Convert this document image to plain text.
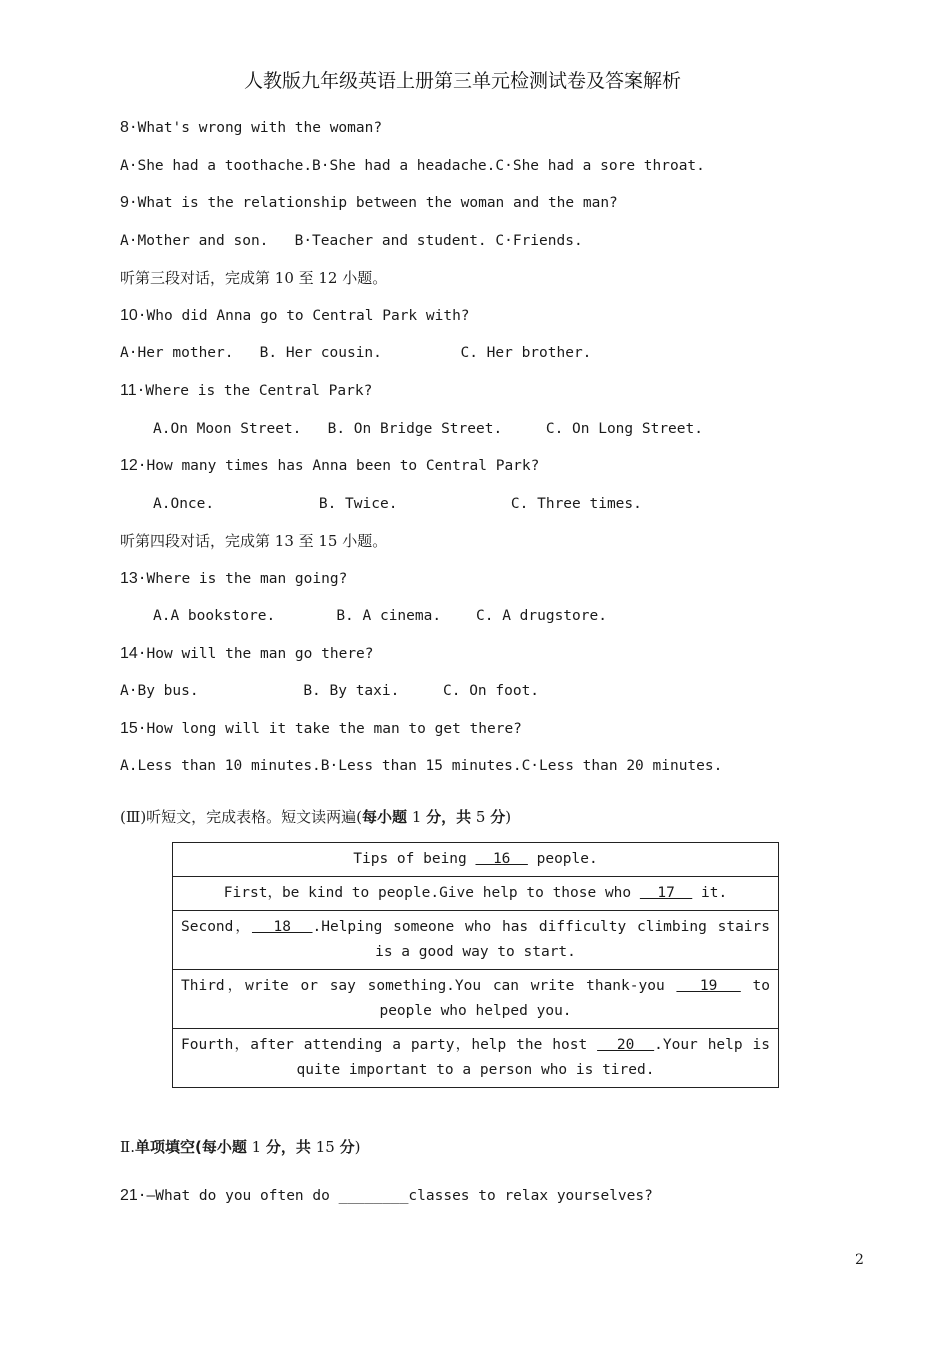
人教版九年级英语上册第三单元检测试卷及答案解析
8·What's wrong with the woman?
A·She had a toothache.B·She had a headache.C·She had a sore throat.
9·What is the relationship between the woman and the man?
A·Mother and son.   B·Teacher and student. C·Friends.
听第三段对话，完成第 10 至 12 小题。
10·Who did Anna go to Central Park with?
A·Her mother.   B. Her cousin.         C. Her brother.
11·Where is the Central Park?
A.On Moon Street.   B. On Bridge Street.     C. On Long Street.
12·How many times has Anna been to Central Park?
A.Once.            B. Twice.             C. Three times.
听第四段对话，完成第 13 至 15 小题。
13·Where is the man going?
A.A bookstore.       B. A cinema.    C. A drugstore.
14·How will the man go there?
A·By bus.            B. By taxi.     C. On foot.
15·How long will it take the man to get there?
A.Less than 10 minutes.B·Less than 15 minutes.C·Less than 20 minutes.
(Ⅲ)听短文，完成表格。短文读两遍(每小题 1 分，共 5 分)
Tips of being   16   people.
First，be kind to people.Give help to those who   17   it.
Second，  18  .Helping someone who has difficulty climbing stairs is a good way to start.
Third，write or say something.You can write thank-you   19   to people who helped you.
Fourth，after attending a party，help the host   20  .Your help is quite important to a person who is tired.
Ⅱ.单项填空(每小题 1 分，共 15 分)
21·—What do you often do ________classes to relax yourselves?
2
